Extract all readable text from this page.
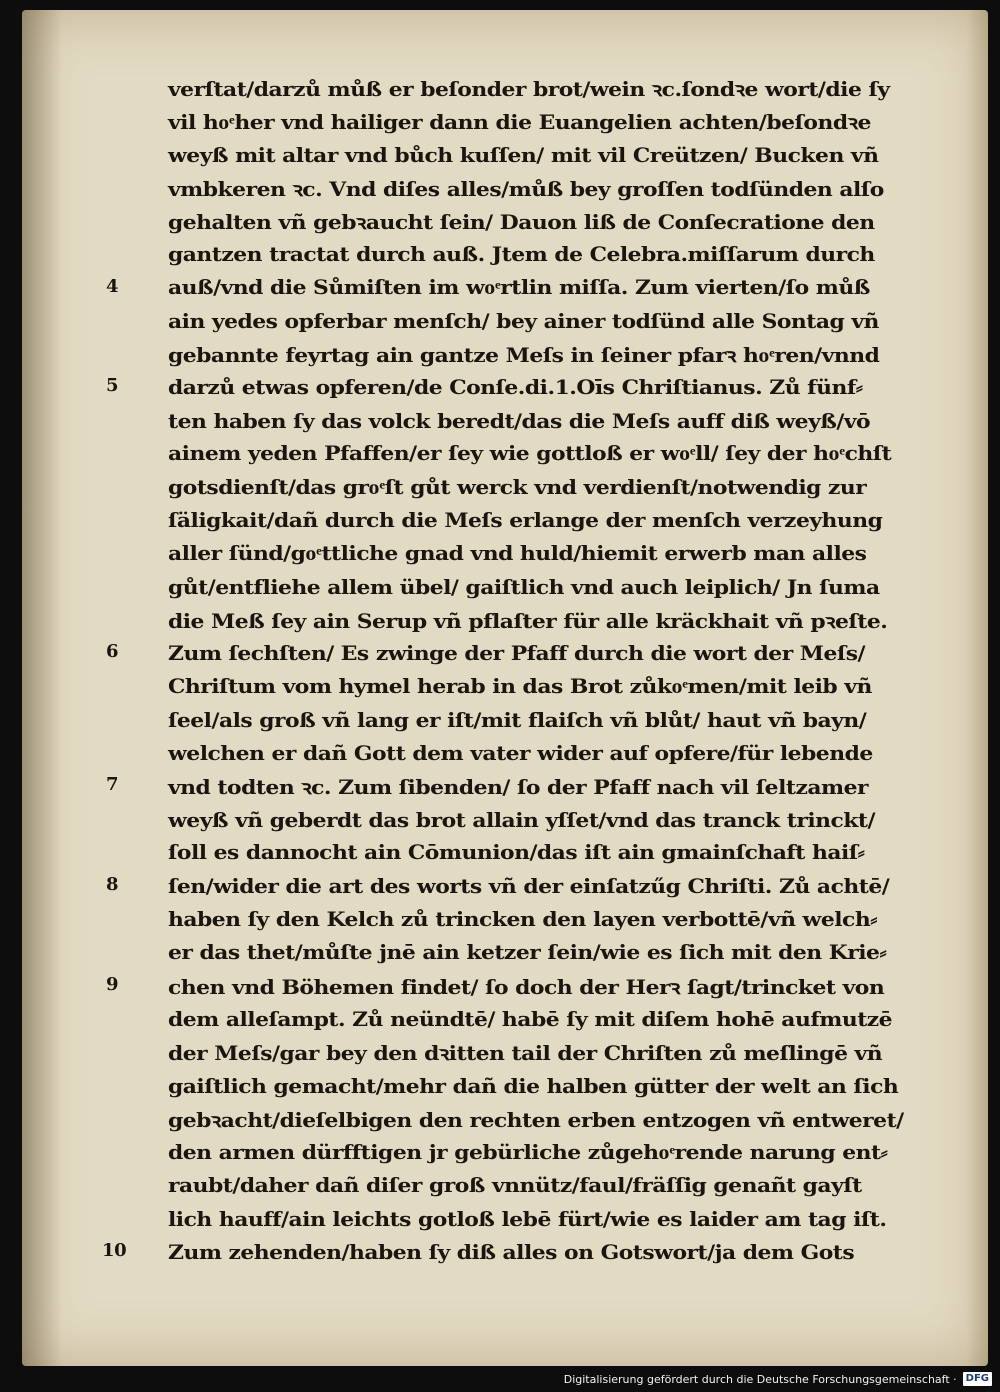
verſtat/darzů můß er beſonder brot/wein ꝛc.ſondꝛe wort/die ſy
vil hoͤher vnd hailiger dann die Euangelien achten/beſondꝛe
weyß mit altar vnd bůch kuſſen/ mit vil Creützen/ Bucken vñ
vmbkeren ꝛc. Vnd diſes alles/můß bey groſſen todſünden alſo
gehalten vñ gebꝛaucht ſein/ Dauon liß de Conſecratione den
gantzen tractat durch auß. Jtem de Celebra.miſſarum durch
auß/vnd die Sůmiſten im woͤrtlin miſſa. Zum vierten/ſo můß
4
ain yedes opferbar menſch/ bey ainer todſünd alle Sontag vñ
gebannte feyrtag ain gantze Meſs in ſeiner pfarꝛ hoͤren/vnnd
darzů etwas opferen/de Conſe.di.1.Oīs Chriſtianus. Zů fünf⸗
5
ten haben ſy das volck beredt/das die Meſs auff diß weyß/vō
ainem yeden Pfaffen/er ſey wie gottloß er woͤll/ ſey der hoͤchſt
gotsdienſt/das groͤſt gůt werck vnd verdienſt/notwendig zur
ſäligkait/dañ durch die Meſs erlange der menſch verzeyhung
aller ſünd/goͤttliche gnad vnd huld/hiemit erwerb man alles
gůt/entfliehe allem übel/ gaiſtlich vnd auch leiplich/ Jn ſuma
die Meß ſey ain Serup vñ pflaſter für alle kräckhait vñ pꝛeſte.
Zum ſechſten/ Es zwinge der Pfaff durch die wort der Meſs/
6
Chriſtum vom hymel herab in das Brot zůkoͤmen/mit leib vñ
ſeel/als groß vñ lang er iſt/mit flaiſch vñ blůt/ haut vñ bayn/
welchen er dañ Gott dem vater wider auf opfere/für lebende
vnd todten ꝛc. Zum ſibenden/ ſo der Pfaff nach vil ſeltzamer
7
weyß vñ geberdt das brot allain yſſet/vnd das tranck trinckt/
ſoll es dannocht ain Cōmunion/das iſt ain gmainſchaft haiſ⸗
ſen/wider die art des worts vñ der einſatzűg Chriſti. Zů achtē/
8
haben ſy den Kelch zů trincken den layen verbottē/vñ welch⸗
er das thet/můſte jnē ain ketzer ſein/wie es ſich mit den Krie⸗
chen vnd Böhemen findet/ ſo doch der Herꝛ ſagt/trincket von
9
dem alleſampt. Zů neündtē/ habē ſy mit diſem hohē aufmutzē
der Meſs/gar bey den dꝛitten tail der Chriſten zů meſlingē vñ
gaiſtlich gemacht/mehr dañ die halben gütter der welt an ſich
gebꝛacht/dieſelbigen den rechten erben entzogen vñ entweret/
den armen dürfftigen jr gebürliche zůgehoͤrende narung ent⸗
raubt/daher dañ diſer groß vnnütz/faul/fräſſig genañt gayſt
lich hauff/ain leichts gotloß lebē fürt/wie es laider am tag iſt.
Zum zehenden/haben ſy diß alles on Gotswort/ja dem Gots
10
Digitalisierung gefördert durch die Deutsche Forschungsgemeinschaft · DFG
